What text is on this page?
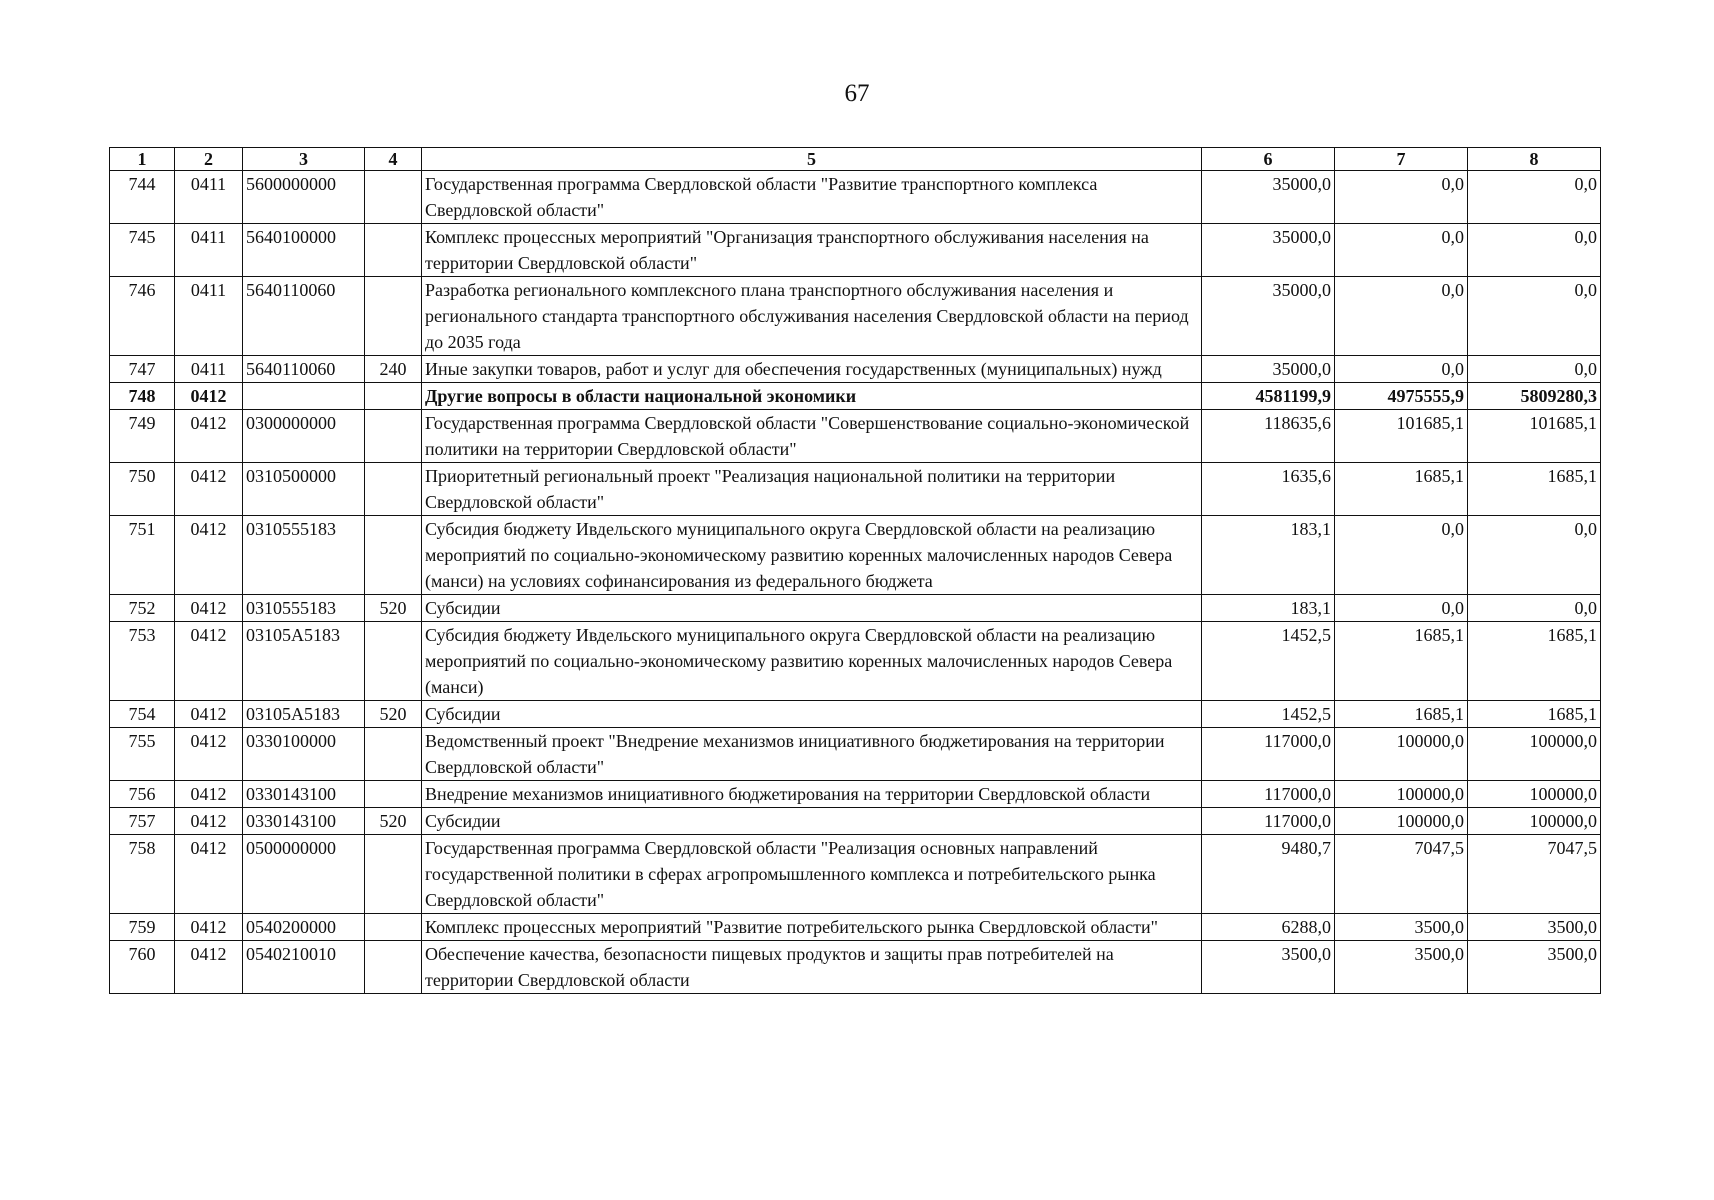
67
1	2	3	4	5	6	7	8
744	0411	5600000000		Государственная программа Свердловской области "Развитие транспортного комплекса Свердловской области"	35000,0	0,0	0,0
745	0411	5640100000		Комплекс процессных мероприятий "Организация транспортного обслуживания населения на территории Свердловской области"	35000,0	0,0	0,0
746	0411	5640110060		Разработка регионального комплексного плана транспортного обслуживания населения и регионального стандарта транспортного обслуживания населения Свердловской области на период до 2035 года	35000,0	0,0	0,0
747	0411	5640110060	240	Иные закупки товаров, работ и услуг для обеспечения государственных (муниципальных) нужд	35000,0	0,0	0,0
748	0412			Другие вопросы в области национальной экономики	4581199,9	4975555,9	5809280,3
749	0412	0300000000		Государственная программа Свердловской области "Совершенствование социально-экономической политики на территории Свердловской области"	118635,6	101685,1	101685,1
750	0412	0310500000		Приоритетный региональный проект "Реализация национальной политики на территории Свердловской области"	1635,6	1685,1	1685,1
751	0412	0310555183		Субсидия бюджету Ивдельского муниципального округа Свердловской области на реализацию мероприятий по социально-экономическому развитию коренных малочисленных народов Севера (манси) на условиях софинансирования из федерального бюджета	183,1	0,0	0,0
752	0412	0310555183	520	Субсидии	183,1	0,0	0,0
753	0412	03105А5183		Субсидия бюджету Ивдельского муниципального округа Свердловской области на реализацию мероприятий по социально-экономическому развитию коренных малочисленных народов Севера (манси)	1452,5	1685,1	1685,1
754	0412	03105А5183	520	Субсидии	1452,5	1685,1	1685,1
755	0412	0330100000		Ведомственный проект "Внедрение механизмов инициативного бюджетирования на территории Свердловской области"	117000,0	100000,0	100000,0
756	0412	0330143100		Внедрение механизмов инициативного бюджетирования на территории Свердловской области	117000,0	100000,0	100000,0
757	0412	0330143100	520	Субсидии	117000,0	100000,0	100000,0
758	0412	0500000000		Государственная программа Свердловской области "Реализация основных направлений государственной политики в сферах агропромышленного комплекса и потребительского рынка Свердловской области"	9480,7	7047,5	7047,5
759	0412	0540200000		Комплекс процессных мероприятий "Развитие потребительского рынка Свердловской области"	6288,0	3500,0	3500,0
760	0412	0540210010		Обеспечение качества, безопасности пищевых продуктов и защиты прав потребителей на территории Свердловской области	3500,0	3500,0	3500,0
